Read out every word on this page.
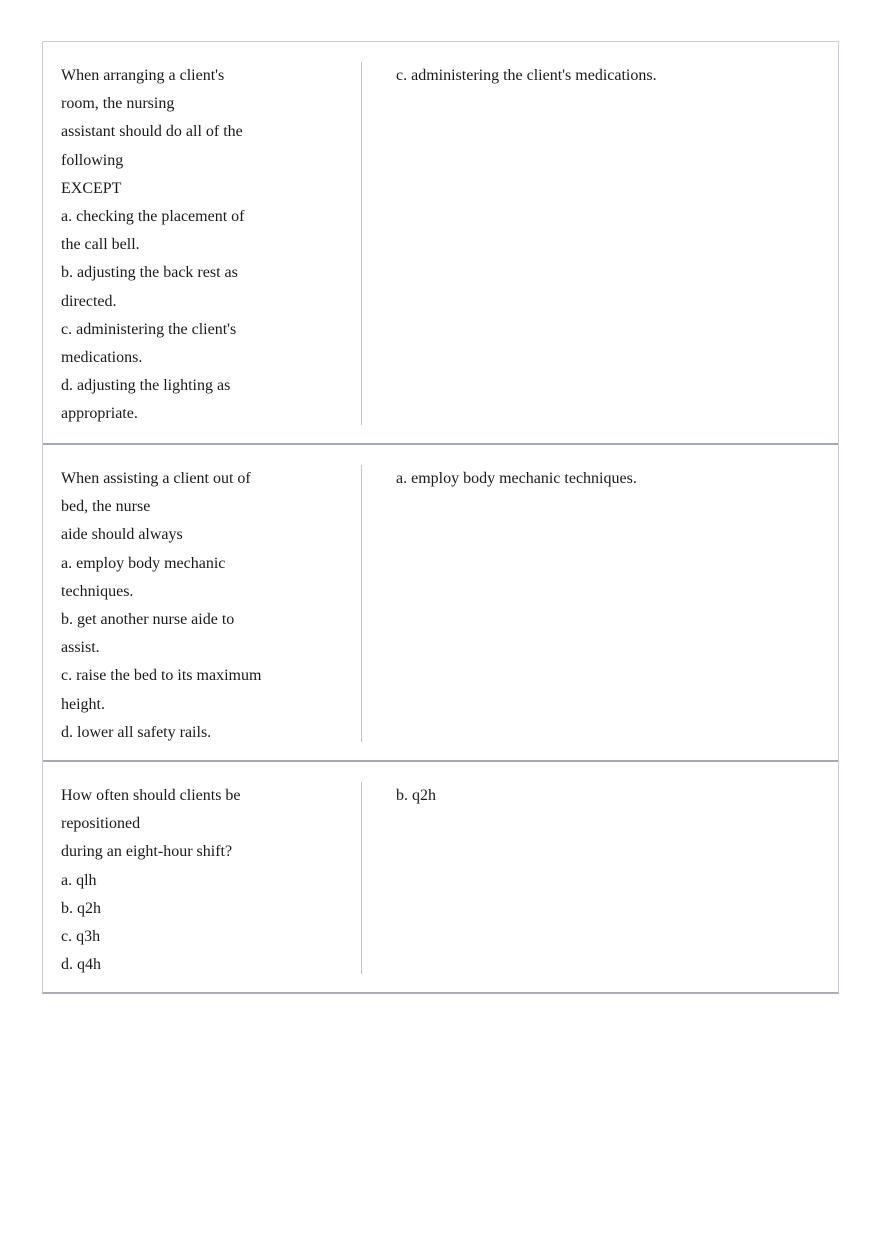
When arranging a client's
room, the nursing
assistant should do all of the
following
EXCEPT
a. checking the placement of
the call bell.
b. adjusting the back rest as
directed.
c. administering the client's
medications.
d. adjusting the lighting as
appropriate.
c. administering the client's medications.
When assisting a client out of
bed, the nurse
aide should always
a. employ body mechanic
techniques.
b. get another nurse aide to
assist.
c. raise the bed to its maximum
height.
d. lower all safety rails.
a. employ body mechanic techniques.
How often should clients be
repositioned
during an eight-hour shift?
a. qlh
b. q2h
c. q3h
d. q4h
b. q2h
